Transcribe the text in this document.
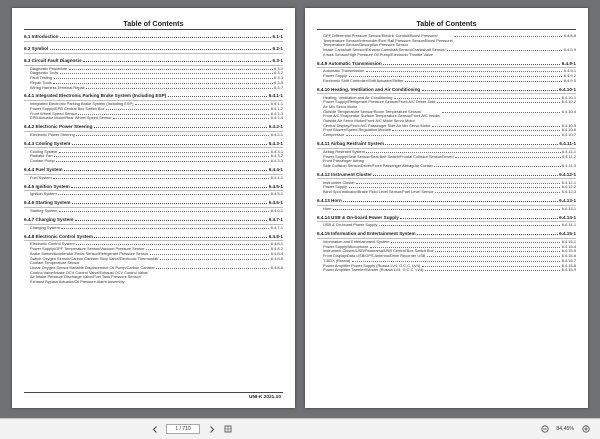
Table of Contents
6.1 Introduction	6.1-1
6.2 Symbol	6.2-1
6.3 Circuit Fault Diagnosis	6.3-1
Diagnostic Procedure	6.3-1
Diagnostic Tools	6.3-2
Fault Testing	6.3-3
Repair Tools	6.3-5
Wiring Harness Terminal Repair	6.3-7
6.4.1 Integrated Electronic Parking Brake System (Including ESP)	6.4.1-1
Integrated Electronic Parking Brake System (Including ESP)	6.4.1-1
Power Supply/EPB Central Box Switch Box	6.4.1-2
Front Wheel Speed Sensor	6.4.1-3
EPB Actuator Motor/Rear Wheel Speed Sensor	6.4.1-4
6.4.2 Electronic Power Steering	6.4.2-1
Electronic Power Steering	6.4.2-1
6.4.3 Cooling System	6.4.3-1
Cooling System	6.4.3-1
Radiator Fan	6.4.3-2
Coolant Pump	6.4.3-3
6.4.4 Fuel System	6.4.4-1
Fuel System	6.4.4-1
6.4.5 Ignition System	6.4.5-1
Ignition System	6.4.5-1
6.4.6 Starting System	6.4.6-1
Starting System	6.4.6-1
6.4.7 Charging System	6.4.7-1
Charging System	6.4.7-1
6.4.8 Electronic Control System	6.4.8-1
Electronic Control System	6.4.8-1
Power Supply/GPF Temperature Sensor/Vacuum Pressure Sensor	6.4.8-2
Brake Switch/Accelerator Pedal Sensor/Refrigerant Pressure Sensor	6.4.8-4
Switch Oxygen Sensor/Carbon Canister Stop Valve/Electronic Thermostat/
Coolant Temperature Sensor
6.4.8-5
Linear Oxygen Sensor/Variable Displacement Oil Pump/Carbon Canister
Control Valve/Intake OCV Control Valve/Exhaust OCV Control Valve/
Air Intake Pressure Discharge Valve/Fuel Tank Pressure Sensor/
Exhaust Bypass Actuator/Oil Pressure Alarm Assembly
6.4.8-6
UNI-K 2021.10
Table of Contents
GPF Differential Pressure Sensor/Electric Conduit/Boost Pressure/
Temperature Sensor/Intercooler/Fuel Rail Pressure Sensor/Boost Pressure/
Temperature Sensor/Desorption Pressure Sensor
6.4.8-8
Intake Camshaft Sensor/Exhaust Camshaft Sensor/Crankshaft Sensor/
Knock Sensor/High Pressure Oil Pump/Electronic Throttle Valve
6.4.8-9
6.4.9 Automatic Transmission	6.4.9-1
Automatic Transmission	6.4.9-1
Power Supply	6.4.9-2
Electronic Shift Controller/Shift Actuator/Shifter	6.4.9-3
6.4.10 Heating, Ventilation and Air Conditioning	6.4.10-1
Heating, Ventilation and Air Conditioning	6.4.10-1
Power Supply/Refrigerant Pressure Sensor/Front A/C Driver Side
Air Mix Servo Motor
6.4.10-2
Outside Temperature Sensor/Room Temperature Sensor/
Front A/C Evaporator Surface Temperature Sensor/Front A/C Inside/
Outside Air Servo Motor/Front A/C Mode Servo Motor
6.4.10-4
Central Display/Front A/C Passenger Side Air Mix Servo Motor	6.4.10-5
Front Blower/Speed Regulation Module	6.4.10-6
Compressor	6.4.10-7
6.4.11 Airbag Restraint System	6.4.11-1
Airbag Restraint System	6.4.11-1
Power Supply/Seat Sensor/Seat Belt Switch/Frontal Collision Sensor/Driver/
Front Passenger Airbag
6.4.11-2
Side Collision Sensor/Driver/Front Passenger Airbag/Air Curtain	6.4.11-3
6.4.12 Instrument Cluster	6.4.12-1
Instrument Cluster	6.4.12-1
Power Supply	6.4.12-2
Blind Spot Indicator/Brake Fluid Level Sensor/Fuel Level Sensor	6.4.12-3
6.4.13 Horn	6.4.13-1
Horn	6.4.13-1
6.4.14 USB & On-board Power Supply	6.4.14-1
USB & On-board Power Supply	6.4.14-1
6.4.15 Information and Entertainment System	6.4.15-1
Information and Entertainment System	6.4.15-1
Power Supply/Microphone	6.4.15-4
Instrument Cluster/USB/Panorama/USB Central Box Switch Box	6.4.15-5
Front Display/Data USB/GPS Antenna/Drive Recorder USB	6.4.15-6
T-BOX (Russia)	6.4.15-7
Power Amplifier Power Supply (Russia LV4, G.C.C. LV4)	6.4.15-8
Power Amplifier Tweeter/Woofer (Russia LV4, G.C.C. LV4)	6.4.15-9
1 / 710	84,45%
